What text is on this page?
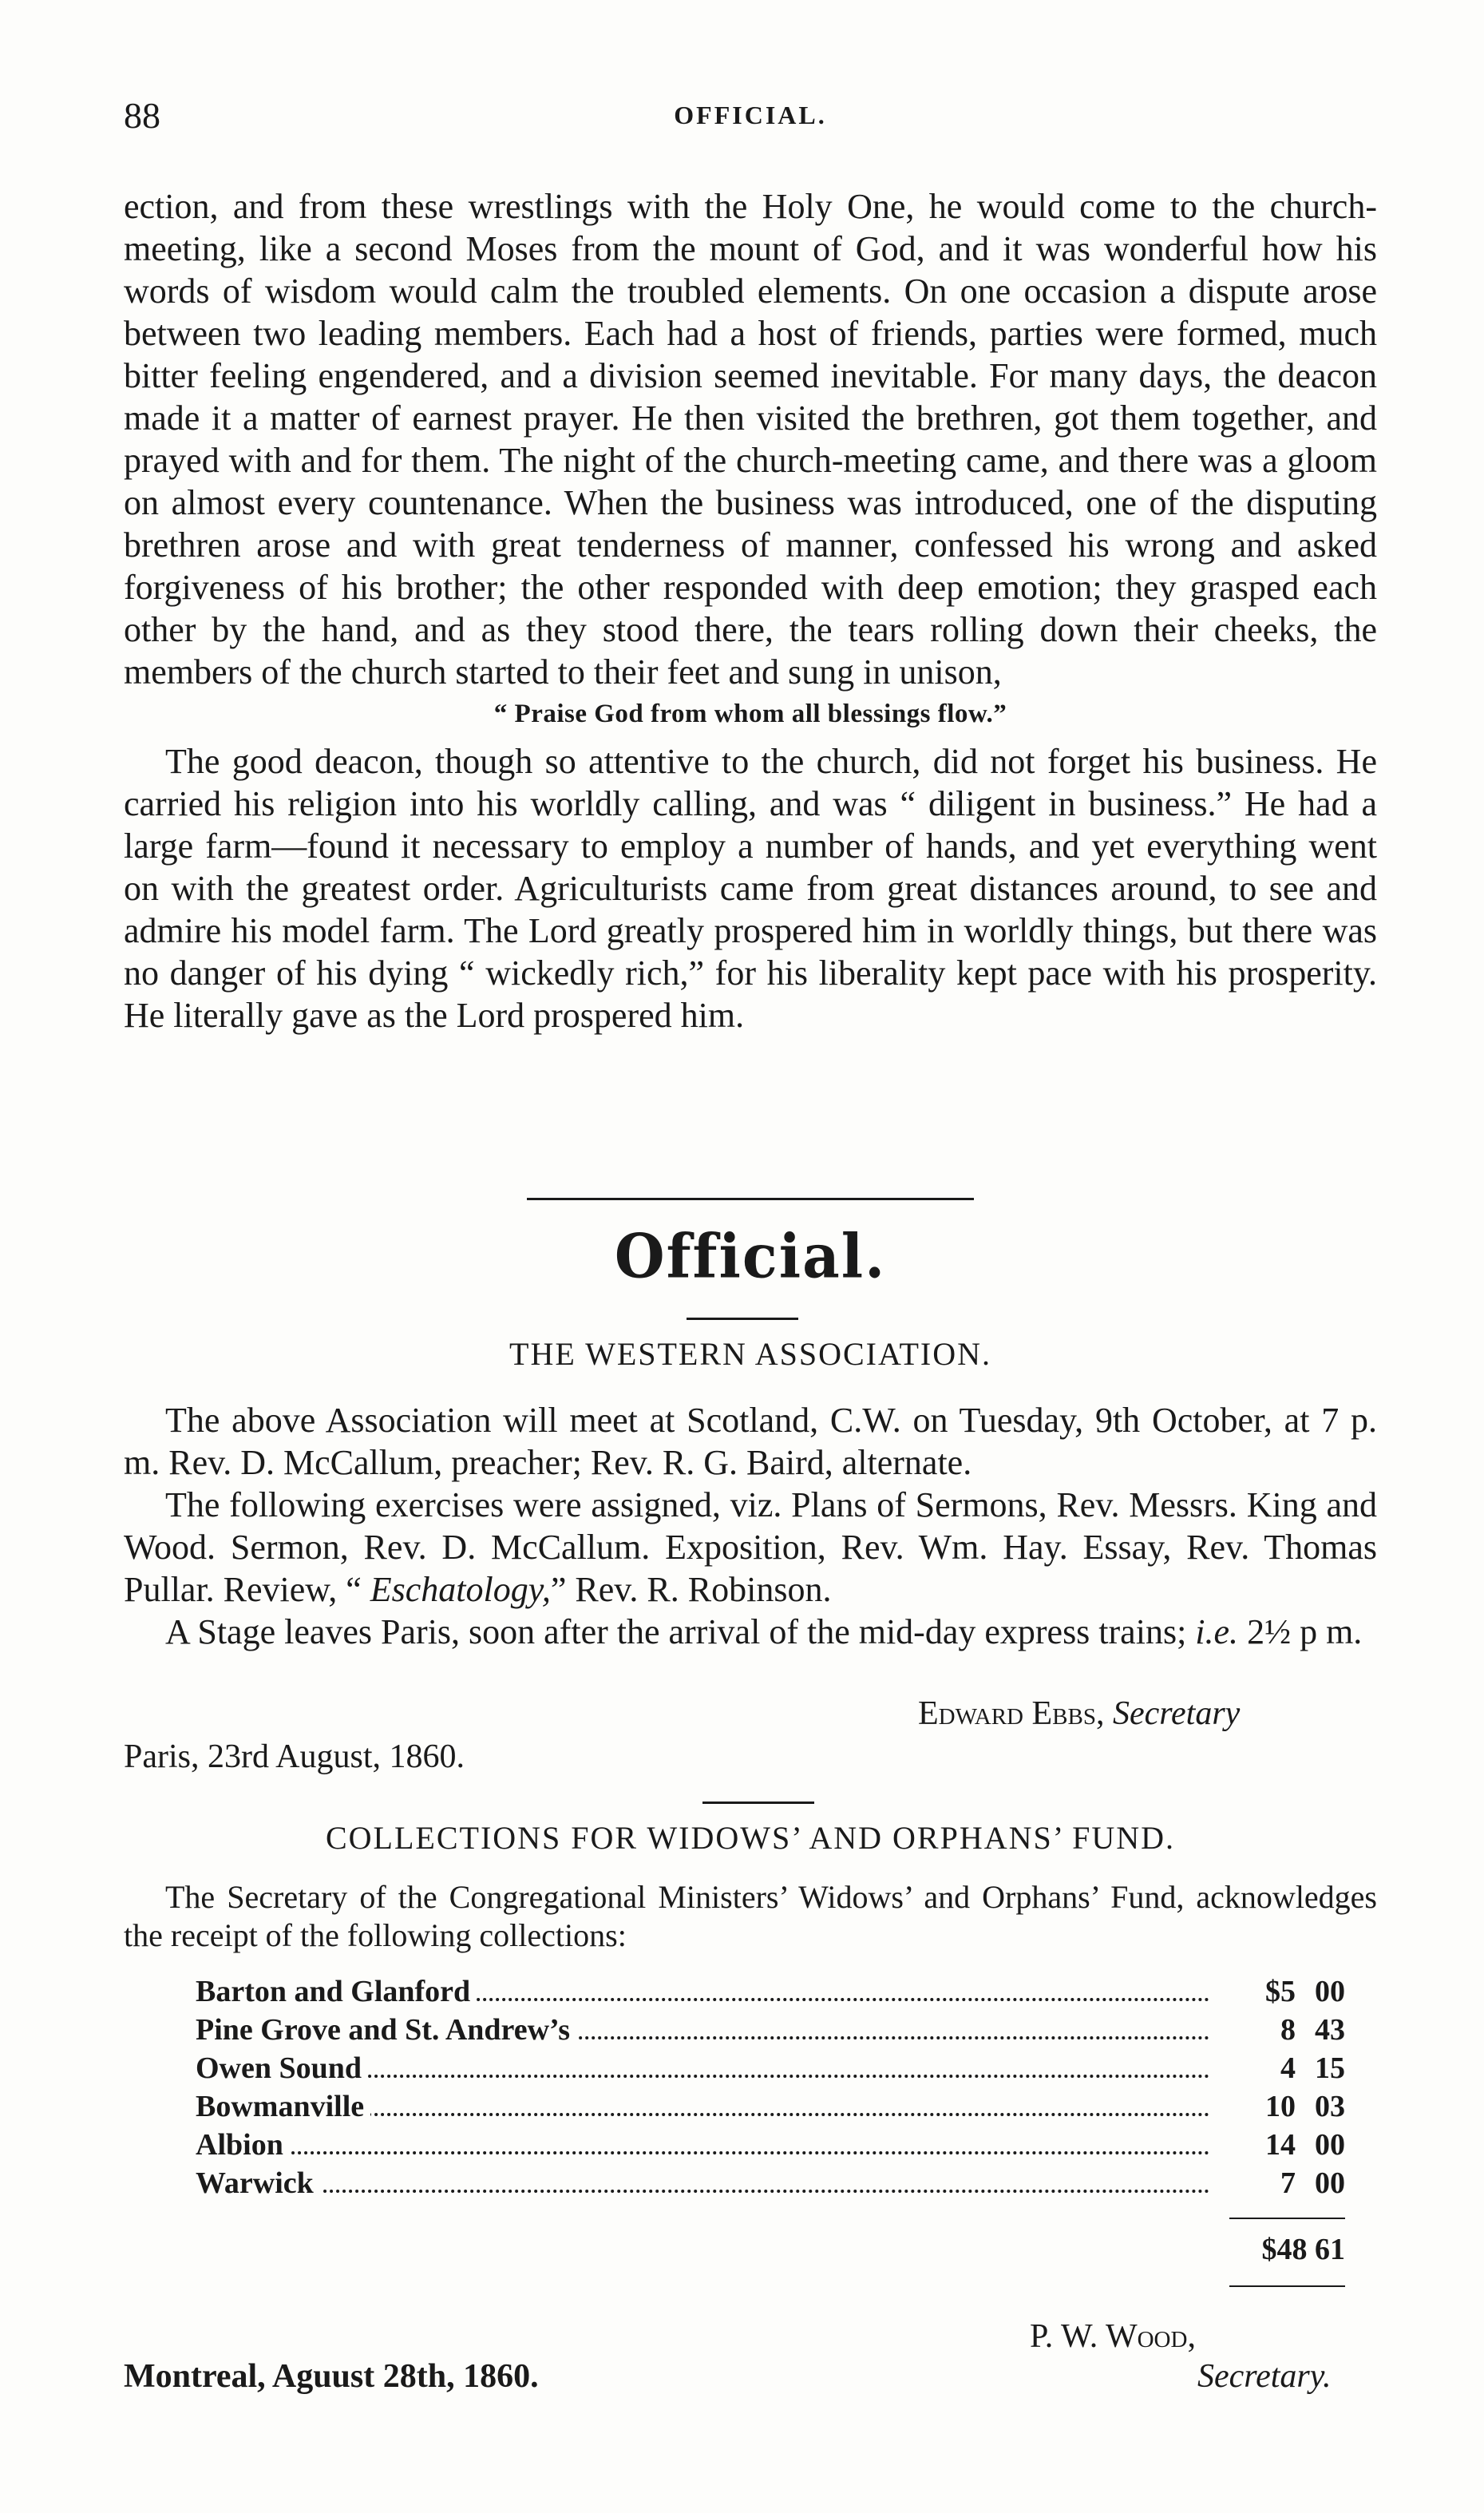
88	OFFICIAL.

ection, and from these wrestlings with the Holy One, he would come to the church-meeting, like a second Moses from the mount of God, and it was wonderful how his words of wisdom would calm the troubled elements. On one occasion a dispute arose between two leading members. Each had a host of friends, parties were formed, much bitter feeling engendered, and a division seemed inevitable. For many days, the deacon made it a matter of earnest prayer. He then visited the brethren, got them together, and prayed with and for them. The night of the church-meeting came, and there was a gloom on almost every countenance. When the business was introduced, one of the disputing brethren arose and with great tenderness of manner, confessed his wrong and asked forgiveness of his brother; the other responded with deep emotion; they grasped each other by the hand, and as they stood there, the tears rolling down their cheeks, the members of the church started to their feet and sung in unison,

“ Praise God from whom all blessings flow.”

The good deacon, though so attentive to the church, did not forget his business. He carried his religion into his worldly calling, and was “ diligent in business.” He had a large farm—found it necessary to employ a number of hands, and yet everything went on with the greatest order. Agriculturists came from great distances around, to see and admire his model farm. The Lord greatly prospered him in worldly things, but there was no danger of his dying “ wickedly rich,” for his liberality kept pace with his prosperity. He literally gave as the Lord prospered him.

Official.
THE WESTERN ASSOCIATION.

The above Association will meet at Scotland, C.W. on Tuesday, 9th October, at 7 p. m. Rev. D. McCallum, preacher; Rev. R. G. Baird, alternate.

The following exercises were assigned, viz. Plans of Sermons, Rev. Messrs. King and Wood. Sermon, Rev. D. McCallum. Exposition, Rev. Wm. Hay. Essay, Rev. Thomas Pullar. Review, “ Eschatology,” Rev. R. Robinson.

A Stage leaves Paris, soon after the arrival of the mid-day express trains; i.e. 2½ p m.

Edward Ebbs, Secretary
Paris, 23rd August, 1860.
COLLECTIONS FOR WIDOWS’ AND ORPHANS’ FUND.

The Secretary of the Congregational Ministers’ Widows’ and Orphans’ Fund, acknowledges the receipt of the following collections:

Barton and Glanford	$5 00
Pine Grove and St. Andrew’s	8 43
Owen Sound	4 15
Bowmanville	10 03
Albion	14 00
Warwick	7 00
$48 61
P. W. Wood,
Montreal, Aguust 28th, 1860.	Secretary.
